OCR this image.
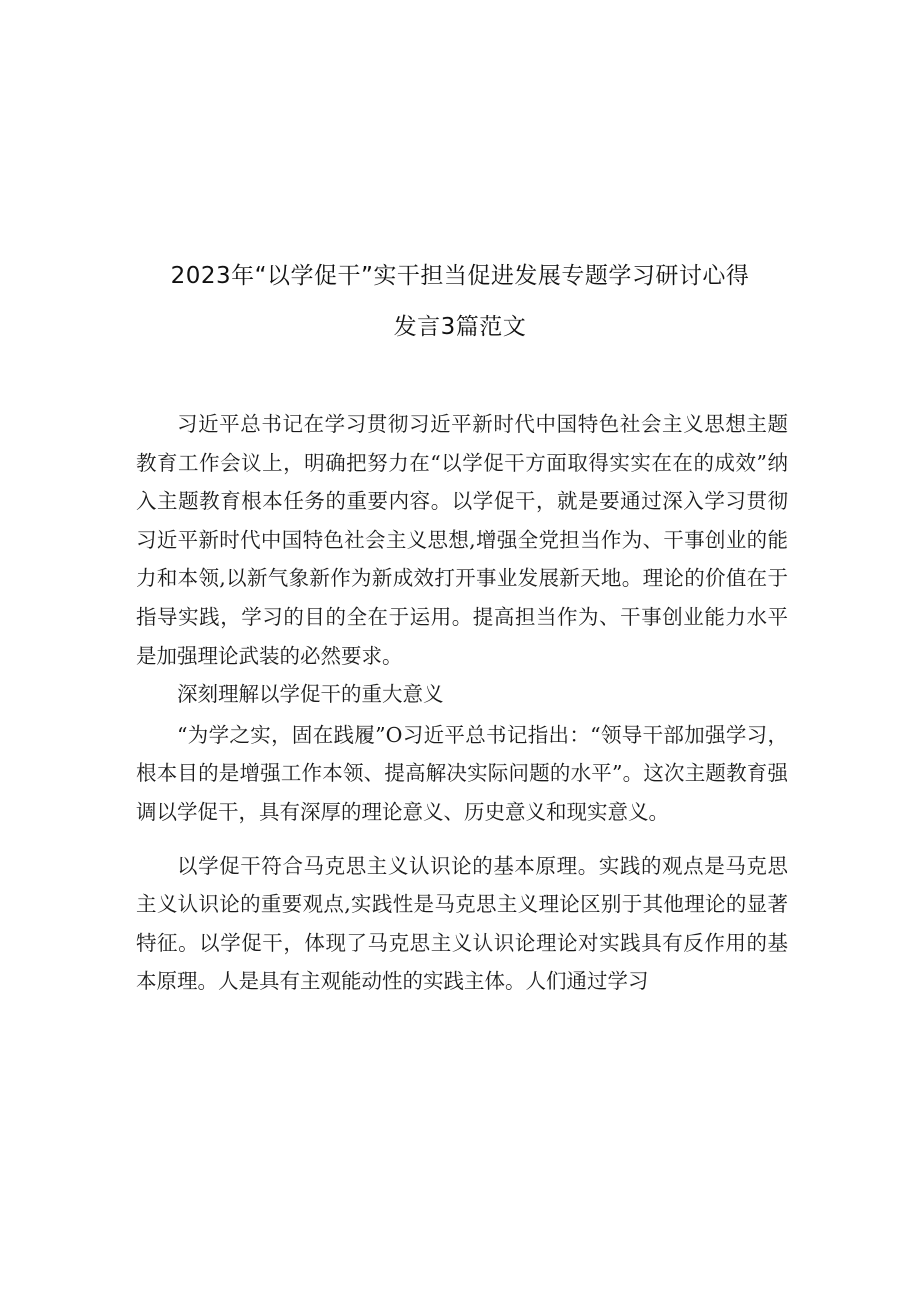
2023年“以学促干”实干担当促进发展专题学习研讨心得
发言3篇范文

习近平总书记在学习贯彻习近平新时代中国特色社会主义思想主题教育工作会议上，明确把努力在“以学促干方面取得实实在在的成效”纳入主题教育根本任务的重要内容。以学促干，就是要通过深入学习贯彻习近平新时代中国特色社会主义思想,增强全党担当作为、干事创业的能力和本领,以新气象新作为新成效打开事业发展新天地。理论的价值在于指导实践，学习的目的全在于运用。提高担当作为、干事创业能力水平是加强理论武装的必然要求。

深刻理解以学促干的重大意义

“为学之实，固在践履”O习近平总书记指出：“领导干部加强学习，根本目的是增强工作本领、提高解决实际问题的水平”。这次主题教育强调以学促干，具有深厚的理论意义、历史意义和现实意义。

以学促干符合马克思主义认识论的基本原理。实践的观点是马克思主义认识论的重要观点,实践性是马克思主义理论区别于其他理论的显著特征。以学促干，体现了马克思主义认识论理论对实践具有反作用的基本原理。人是具有主观能动性的实践主体。人们通过学习
